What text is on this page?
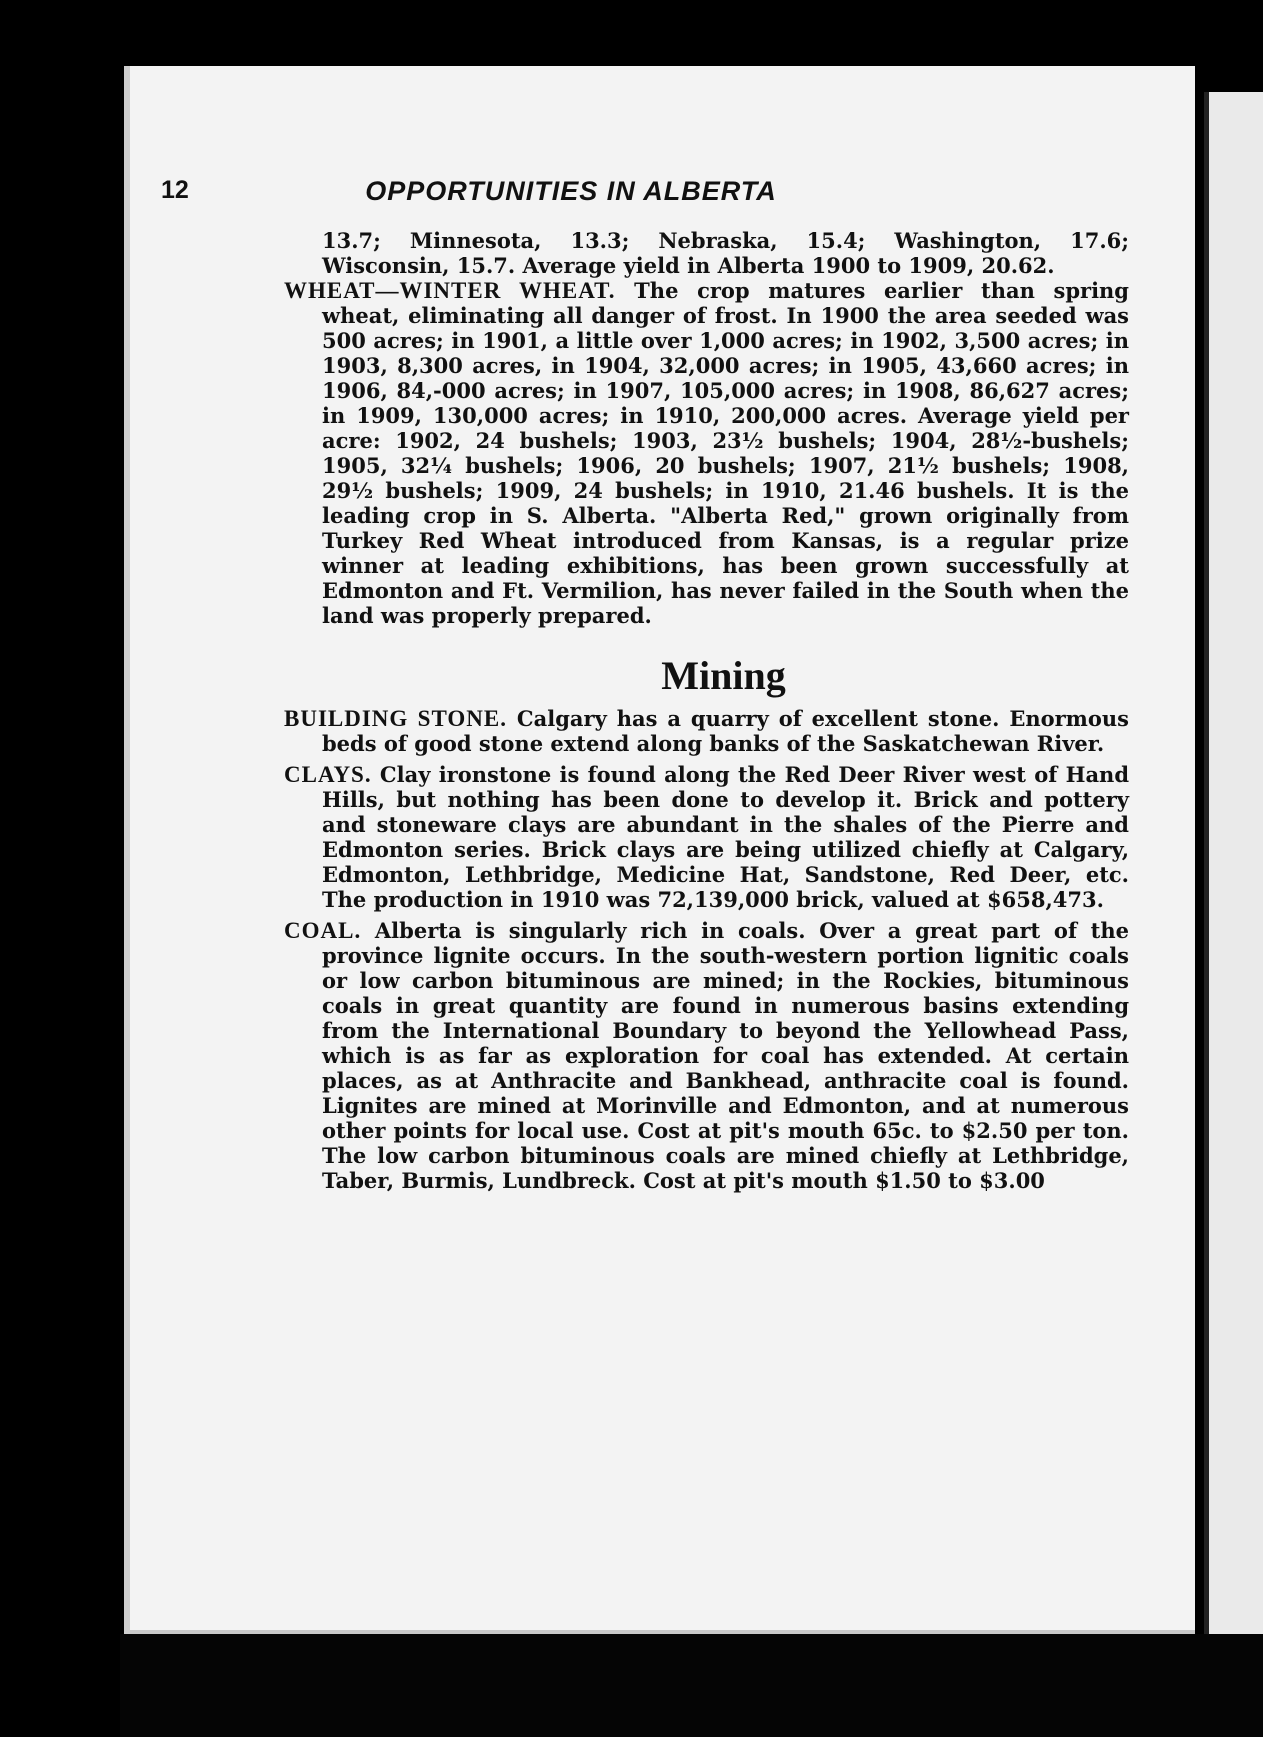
12	OPPORTUNITIES IN ALBERTA

13.7; Minnesota, 13.3; Nebraska, 15.4; Washington, 17.6; Wisconsin, 15.7. Average yield in Alberta 1900 to 1909, 20.62.

WHEAT—WINTER WHEAT. The crop matures earlier than spring wheat, eliminating all danger of frost. In 1900 the area seeded was 500 acres; in 1901, a little over 1,000 acres; in 1902, 3,500 acres; in 1903, 8,300 acres, in 1904, 32,000 acres; in 1905, 43,660 acres; in 1906, 84,-000 acres; in 1907, 105,000 acres; in 1908, 86,627 acres; in 1909, 130,000 acres; in 1910, 200,000 acres. Average yield per acre: 1902, 24 bushels; 1903, 23½ bushels; 1904, 28½-bushels; 1905, 32¼ bushels; 1906, 20 bushels; 1907, 21½ bushels; 1908, 29½ bushels; 1909, 24 bushels; in 1910, 21.46 bushels. It is the leading crop in S. Alberta. "Alberta Red," grown originally from Turkey Red Wheat introduced from Kansas, is a regular prize winner at leading exhibitions, has been grown successfully at Edmonton and Ft. Vermilion, has never failed in the South when the land was properly prepared.

Mining

BUILDING STONE. Calgary has a quarry of excellent stone. Enormous beds of good stone extend along banks of the Saskatchewan River.

CLAYS. Clay ironstone is found along the Red Deer River west of Hand Hills, but nothing has been done to develop it. Brick and pottery and stoneware clays are abundant in the shales of the Pierre and Edmonton series. Brick clays are being utilized chiefly at Calgary, Edmonton, Lethbridge, Medicine Hat, Sandstone, Red Deer, etc. The production in 1910 was 72,139,000 brick, valued at $658,473.

COAL. Alberta is singularly rich in coals. Over a great part of the province lignite occurs. In the south-western portion lignitic coals or low carbon bituminous are mined; in the Rockies, bituminous coals in great quantity are found in numerous basins extending from the International Boundary to beyond the Yellowhead Pass, which is as far as exploration for coal has extended. At certain places, as at Anthracite and Bankhead, anthracite coal is found. Lignites are mined at Morinville and Edmonton, and at numerous other points for local use. Cost at pit's mouth 65c. to $2.50 per ton. The low carbon bituminous coals are mined chiefly at Lethbridge, Taber, Burmis, Lundbreck. Cost at pit's mouth $1.50 to $3.00
